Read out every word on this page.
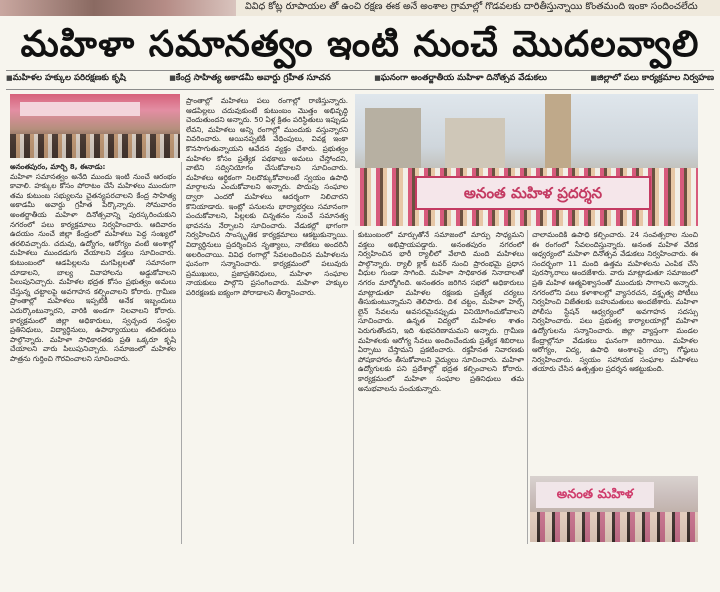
వివిధ కోట్ల రూపాయల తో ఉంచి రక్షణ ఈక అనే అంశాల గ్రామాల్లో గొడవలకు దారితీస్తున్నాయి కొంతమంది ఇంకా సందించలేదు
మహిళా సమానత్వం ఇంటి నుంచే మొదలవ్వాలి
■ మహిళల హక్కుల పరిరక్షణకు కృషి	■ కేంద్ర సాహిత్య అకాడమీ అవార్డు గ్రహీత సూచన	■ ఘనంగా అంతర్జాతీయ మహిళా దినోత్సవ వేడుకలు	■ జిల్లాలో పలు కార్యక్రమాల నిర్వహణ
అనంత మహిళ ప్రదర్శన
అనంత మహిళ

అనంతపురం, మార్చి 8, ఈనాడు:

మహిళా సమానత్వం అనేది ముందు ఇంటి నుంచే ఆరంభం కావాలి. హక్కుల కోసం పోరాటం చేసే మహిళలు ముందుగా తమ కుటుంబ సభ్యులను చైతన్యపరచాలని కేంద్ర సాహిత్య అకాడమీ అవార్డు గ్రహీత పేర్కొన్నారు. సోమవారం అంతర్జాతీయ మహిళా దినోత్సవాన్ని పురస్కరించుకుని నగరంలో పలు కార్యక్రమాలు నిర్వహించారు. ఆదివారం ఉదయం నుంచే జిల్లా కేంద్రంలో మహిళలు పెద్ద సంఖ్యలో తరలివచ్చారు. చదువు, ఉద్యోగం, ఆరోగ్యం వంటి అంశాల్లో మహిళలు ముందడుగు వేయాలని వక్తలు సూచించారు. కుటుంబంలో ఆడపిల్లలను మగపిల్లలతో సమానంగా చూడాలని, బాల్య వివాహాలను అడ్డుకోవాలని పిలుపునిచ్చారు. మహిళల భద్రత కోసం ప్రభుత్వం అమలు చేస్తున్న చట్టాలపై అవగాహన కల్పించాలని కోరారు. గ్రామీణ ప్రాంతాల్లో మహిళలు ఇప్పటికీ అనేక ఇబ్బందులు ఎదుర్కొంటున్నారని, వారికి అండగా నిలవాలని కోరారు. కార్యక్రమంలో జిల్లా అధికారులు, స్వచ్ఛంద సంస్థల ప్రతినిధులు, విద్యార్థినులు, ఉపాధ్యాయులు తదితరులు పాల్గొన్నారు. మహిళా సాధికారతకు ప్రతి ఒక్కరూ కృషి చేయాలని వారు పిలుపునిచ్చారు. సమాజంలో మహిళల పాత్రను గుర్తించి గౌరవించాలని సూచించారు.

ప్రాంతాల్లో మహిళలు పలు రంగాల్లో రాణిస్తున్నారు. ఆడపిల్లలు చదువుకుంటే కుటుంబం మొత్తం అభివృద్ధి చెందుతుందని అన్నారు. 50 ఏళ్ల క్రితం పరిస్థితులు ఇప్పుడు లేవని, మహిళలు అన్ని రంగాల్లో ముందుకు వస్తున్నారని వివరించారు. అయినప్పటికీ వేధింపులు, వివక్ష ఇంకా కొనసాగుతున్నాయని ఆవేదన వ్యక్తం చేశారు. ప్రభుత్వం మహిళల కోసం ప్రత్యేక పథకాలు అమలు చేస్తోందని, వాటిని సద్వినియోగం చేసుకోవాలని సూచించారు. మహిళలు ఆర్థికంగా నిలదొక్కుకోవాలంటే స్వయం ఉపాధి మార్గాలను ఎంచుకోవాలని అన్నారు. పొదుపు సంఘాల ద్వారా ఎందరో మహిళలు ఆదర్శంగా నిలిచారని కొనియాడారు. ఇంట్లో పనులను భార్యాభర్తలు సమానంగా పంచుకోవాలని, పిల్లలకు చిన్నతనం నుంచే సమానత్వ భావనను నేర్పాలని సూచించారు. వేడుకల్లో భాగంగా నిర్వహించిన సాంస్కృతిక కార్యక్రమాలు ఆకట్టుకున్నాయి. విద్యార్థినులు ప్రదర్శించిన నృత్యాలు, నాటికలు అందరినీ అలరించాయి. వివిధ రంగాల్లో సేవలందించిన మహిళలను ఘనంగా సన్మానించారు. కార్యక్రమంలో పలువురు ప్రముఖులు, ప్రజాప్రతినిధులు, మహిళా సంఘాల నాయకులు పాల్గొని ప్రసంగించారు. మహిళా హక్కుల పరిరక్షణకు ఐక్యంగా పోరాడాలని తీర్మానించారు.

కుటుంబంలో మార్పుతోనే సమాజంలో మార్పు సాధ్యమని వక్తలు అభిప్రాయపడ్డారు. అనంతపురం నగరంలో నిర్వహించిన భారీ ర్యాలీలో వేలాది మంది మహిళలు పాల్గొన్నారు. ర్యాలీ క్లాక్ టవర్ నుంచి ప్రారంభమై ప్రధాన వీధుల గుండా సాగింది. మహిళా సాధికారత నినాదాలతో నగరం మార్మోగింది. అనంతరం జరిగిన సభలో అధికారులు మాట్లాడుతూ మహిళల రక్షణకు ప్రత్యేక చర్యలు తీసుకుంటున్నామని తెలిపారు. దిశ చట్టం, మహిళా హెల్ప్ లైన్ సేవలను అవసరమైనప్పుడు వినియోగించుకోవాలని సూచించారు. ఉన్నత విద్యలో మహిళల శాతం పెరుగుతోందని, ఇది శుభపరిణామమని అన్నారు. గ్రామీణ మహిళలకు ఆరోగ్య సేవలు అందించేందుకు ప్రత్యేక శిబిరాలు ఏర్పాటు చేస్తామని ప్రకటించారు. రక్తహీనత నివారణకు పోషకాహారం తీసుకోవాలని వైద్యులు సూచించారు. మహిళా ఉద్యోగులకు పని ప్రదేశాల్లో భద్రత కల్పించాలని కోరారు. కార్యక్రమంలో మహిళా సంఘాల ప్రతినిధులు తమ అనుభవాలను పంచుకున్నారు.

చాలామందికి ఉపాధి కల్పించారు. 24 సంవత్సరాల నుంచి ఈ రంగంలో సేవలందిస్తున్నారు. అనంత మహిళ వేదిక ఆధ్వర్యంలో మహిళా దినోత్సవ వేడుకలు నిర్వహించారు. ఈ సందర్భంగా 11 మంది ఉత్తమ మహిళలను ఎంపిక చేసి పురస్కారాలు అందజేశారు. వారు మాట్లాడుతూ సమాజంలో ప్రతి మహిళ ఆత్మవిశ్వాసంతో ముందుకు సాగాలని అన్నారు. నగరంలోని పలు కళాశాలల్లో వ్యాసరచన, వక్తృత్వ పోటీలు నిర్వహించి విజేతలకు బహుమతులు అందజేశారు. మహిళా పోలీసు స్టేషన్ ఆధ్వర్యంలో అవగాహన సదస్సు నిర్వహించారు. పలు ప్రభుత్వ కార్యాలయాల్లో మహిళా ఉద్యోగులను సన్మానించారు. జిల్లా వ్యాప్తంగా మండల కేంద్రాల్లోనూ వేడుకలు ఘనంగా జరిగాయి. మహిళల ఆరోగ్యం, విద్య, ఉపాధి అంశాలపై చర్చా గోష్ఠులు నిర్వహించారు. స్వయం సహాయక సంఘాల మహిళలు తయారు చేసిన ఉత్పత్తుల ప్రదర్శన ఆకట్టుకుంది.
